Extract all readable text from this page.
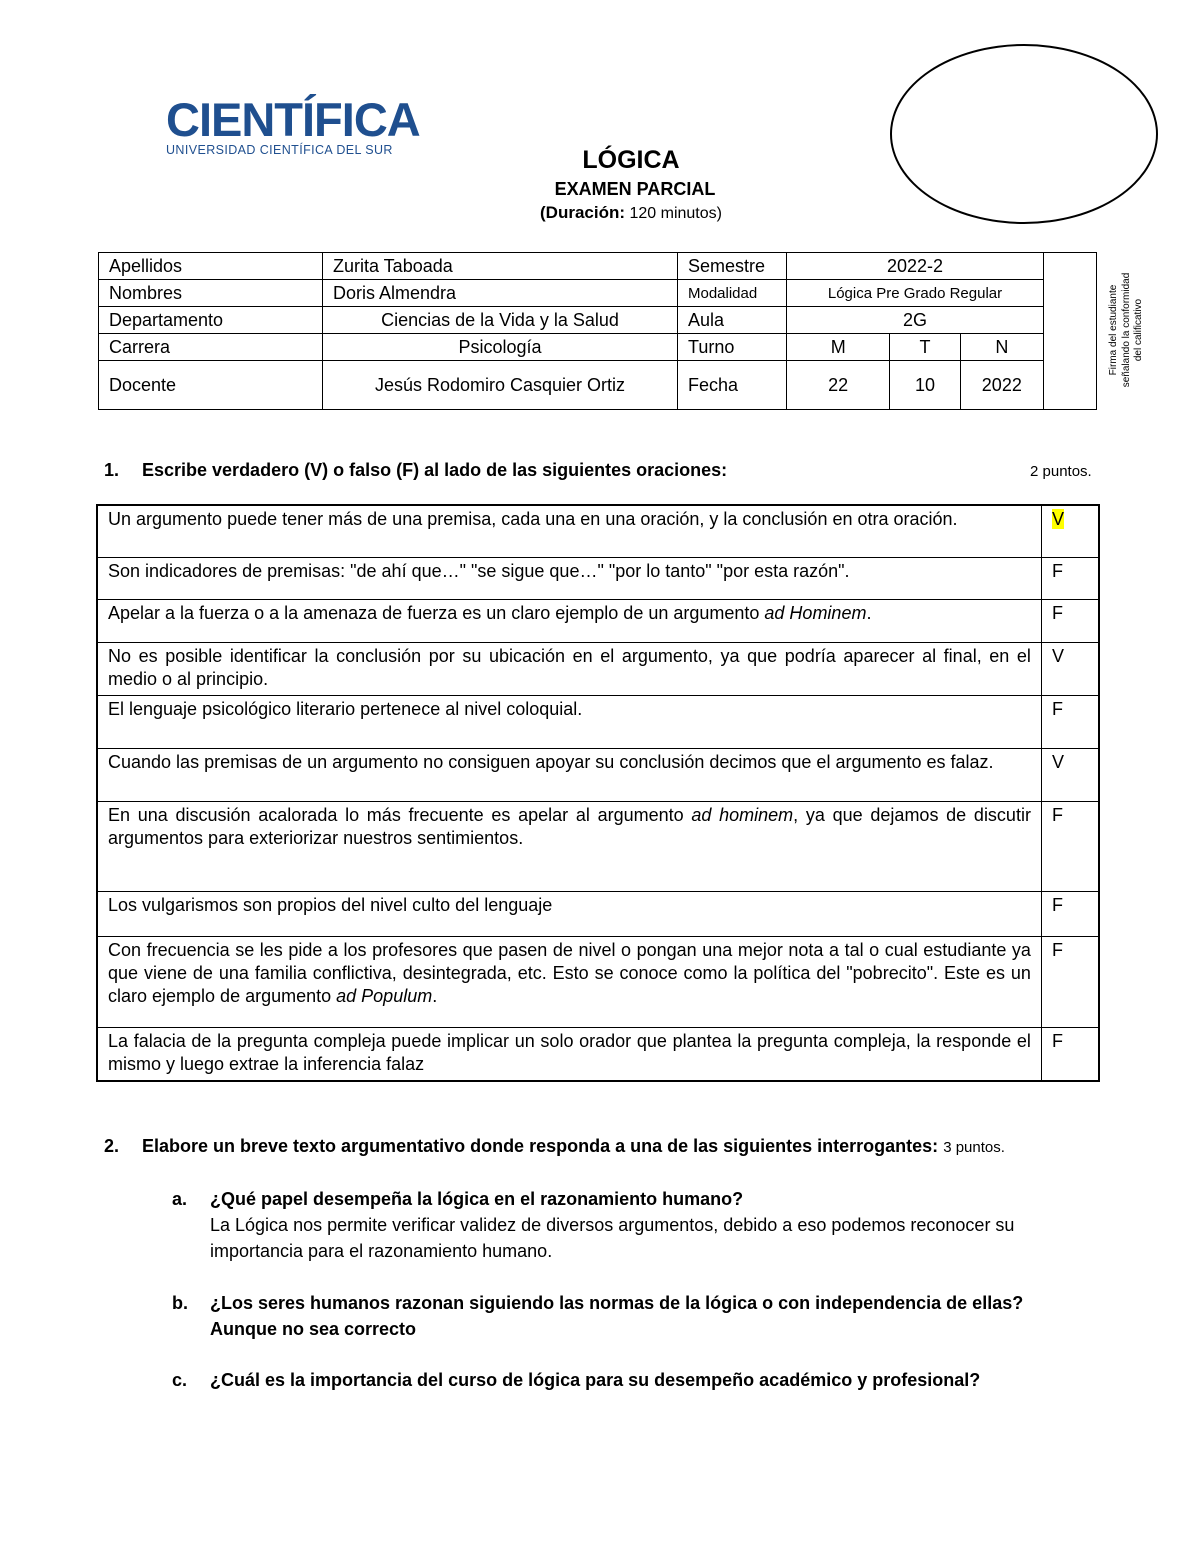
CIENTÍFICA
UNIVERSIDAD CIENTÍFICA DEL SUR	LÓGICA
EXAMEN PARCIAL
(Duración: 120 minutos)
Apellidos	Zurita Taboada	Semestre	2022-2			
Nombres	Doris Almendra	Modalidad	Lógica Pre Grado Regular			
Departamento	Ciencias de la Vida y la Salud	Aula	2G			
Carrera	Psicología	Turno	M	T	N	
Docente	Jesús Rodomiro Casquier Ortiz	Fecha	22	10	2022	
Firma del estudiante señalando la conformidad del calificativo
1. Escribe verdadero (V) o falso (F) al lado de las siguientes oraciones:	2 puntos.
Un argumento puede tener más de una premisa, cada una en una oración, y la conclusión en otra oración.	V
Son indicadores de premisas: "de ahí que…" "se sigue que…" "por lo tanto" "por esta razón".	F
Apelar a la fuerza o a la amenaza de fuerza es un claro ejemplo de un argumento ad Hominem.	F
No es posible identificar la conclusión por su ubicación en el argumento, ya que podría aparecer al final, en el medio o al principio.	V
El lenguaje psicológico literario pertenece al nivel coloquial.	F
Cuando las premisas de un argumento no consiguen apoyar su conclusión decimos que el argumento es falaz.	V
En una discusión acalorada lo más frecuente es apelar al argumento ad hominem, ya que dejamos de discutir argumentos para exteriorizar nuestros sentimientos.	F
Los vulgarismos son propios del nivel culto del lenguaje	F
Con frecuencia se les pide a los profesores que pasen de nivel o pongan una mejor nota a tal o cual estudiante ya que viene de una familia conflictiva, desintegrada, etc. Esto se conoce como la política del "pobrecito". Este es un claro ejemplo de argumento ad Populum.	F
La falacia de la pregunta compleja puede implicar un solo orador que plantea la pregunta compleja, la responde el mismo y luego extrae la inferencia falaz	F
2. Elabore un breve texto argumentativo donde responda a una de las siguientes interrogantes: 3 puntos.
a. ¿Qué papel desempeña la lógica en el razonamiento humano?
La Lógica nos permite verificar validez de diversos argumentos, debido a eso podemos reconocer su importancia para el razonamiento humano.
b. ¿Los seres humanos razonan siguiendo las normas de la lógica o con independencia de ellas?
Aunque no sea correcto
c. ¿Cuál es la importancia del curso de lógica para su desempeño académico y profesional?
